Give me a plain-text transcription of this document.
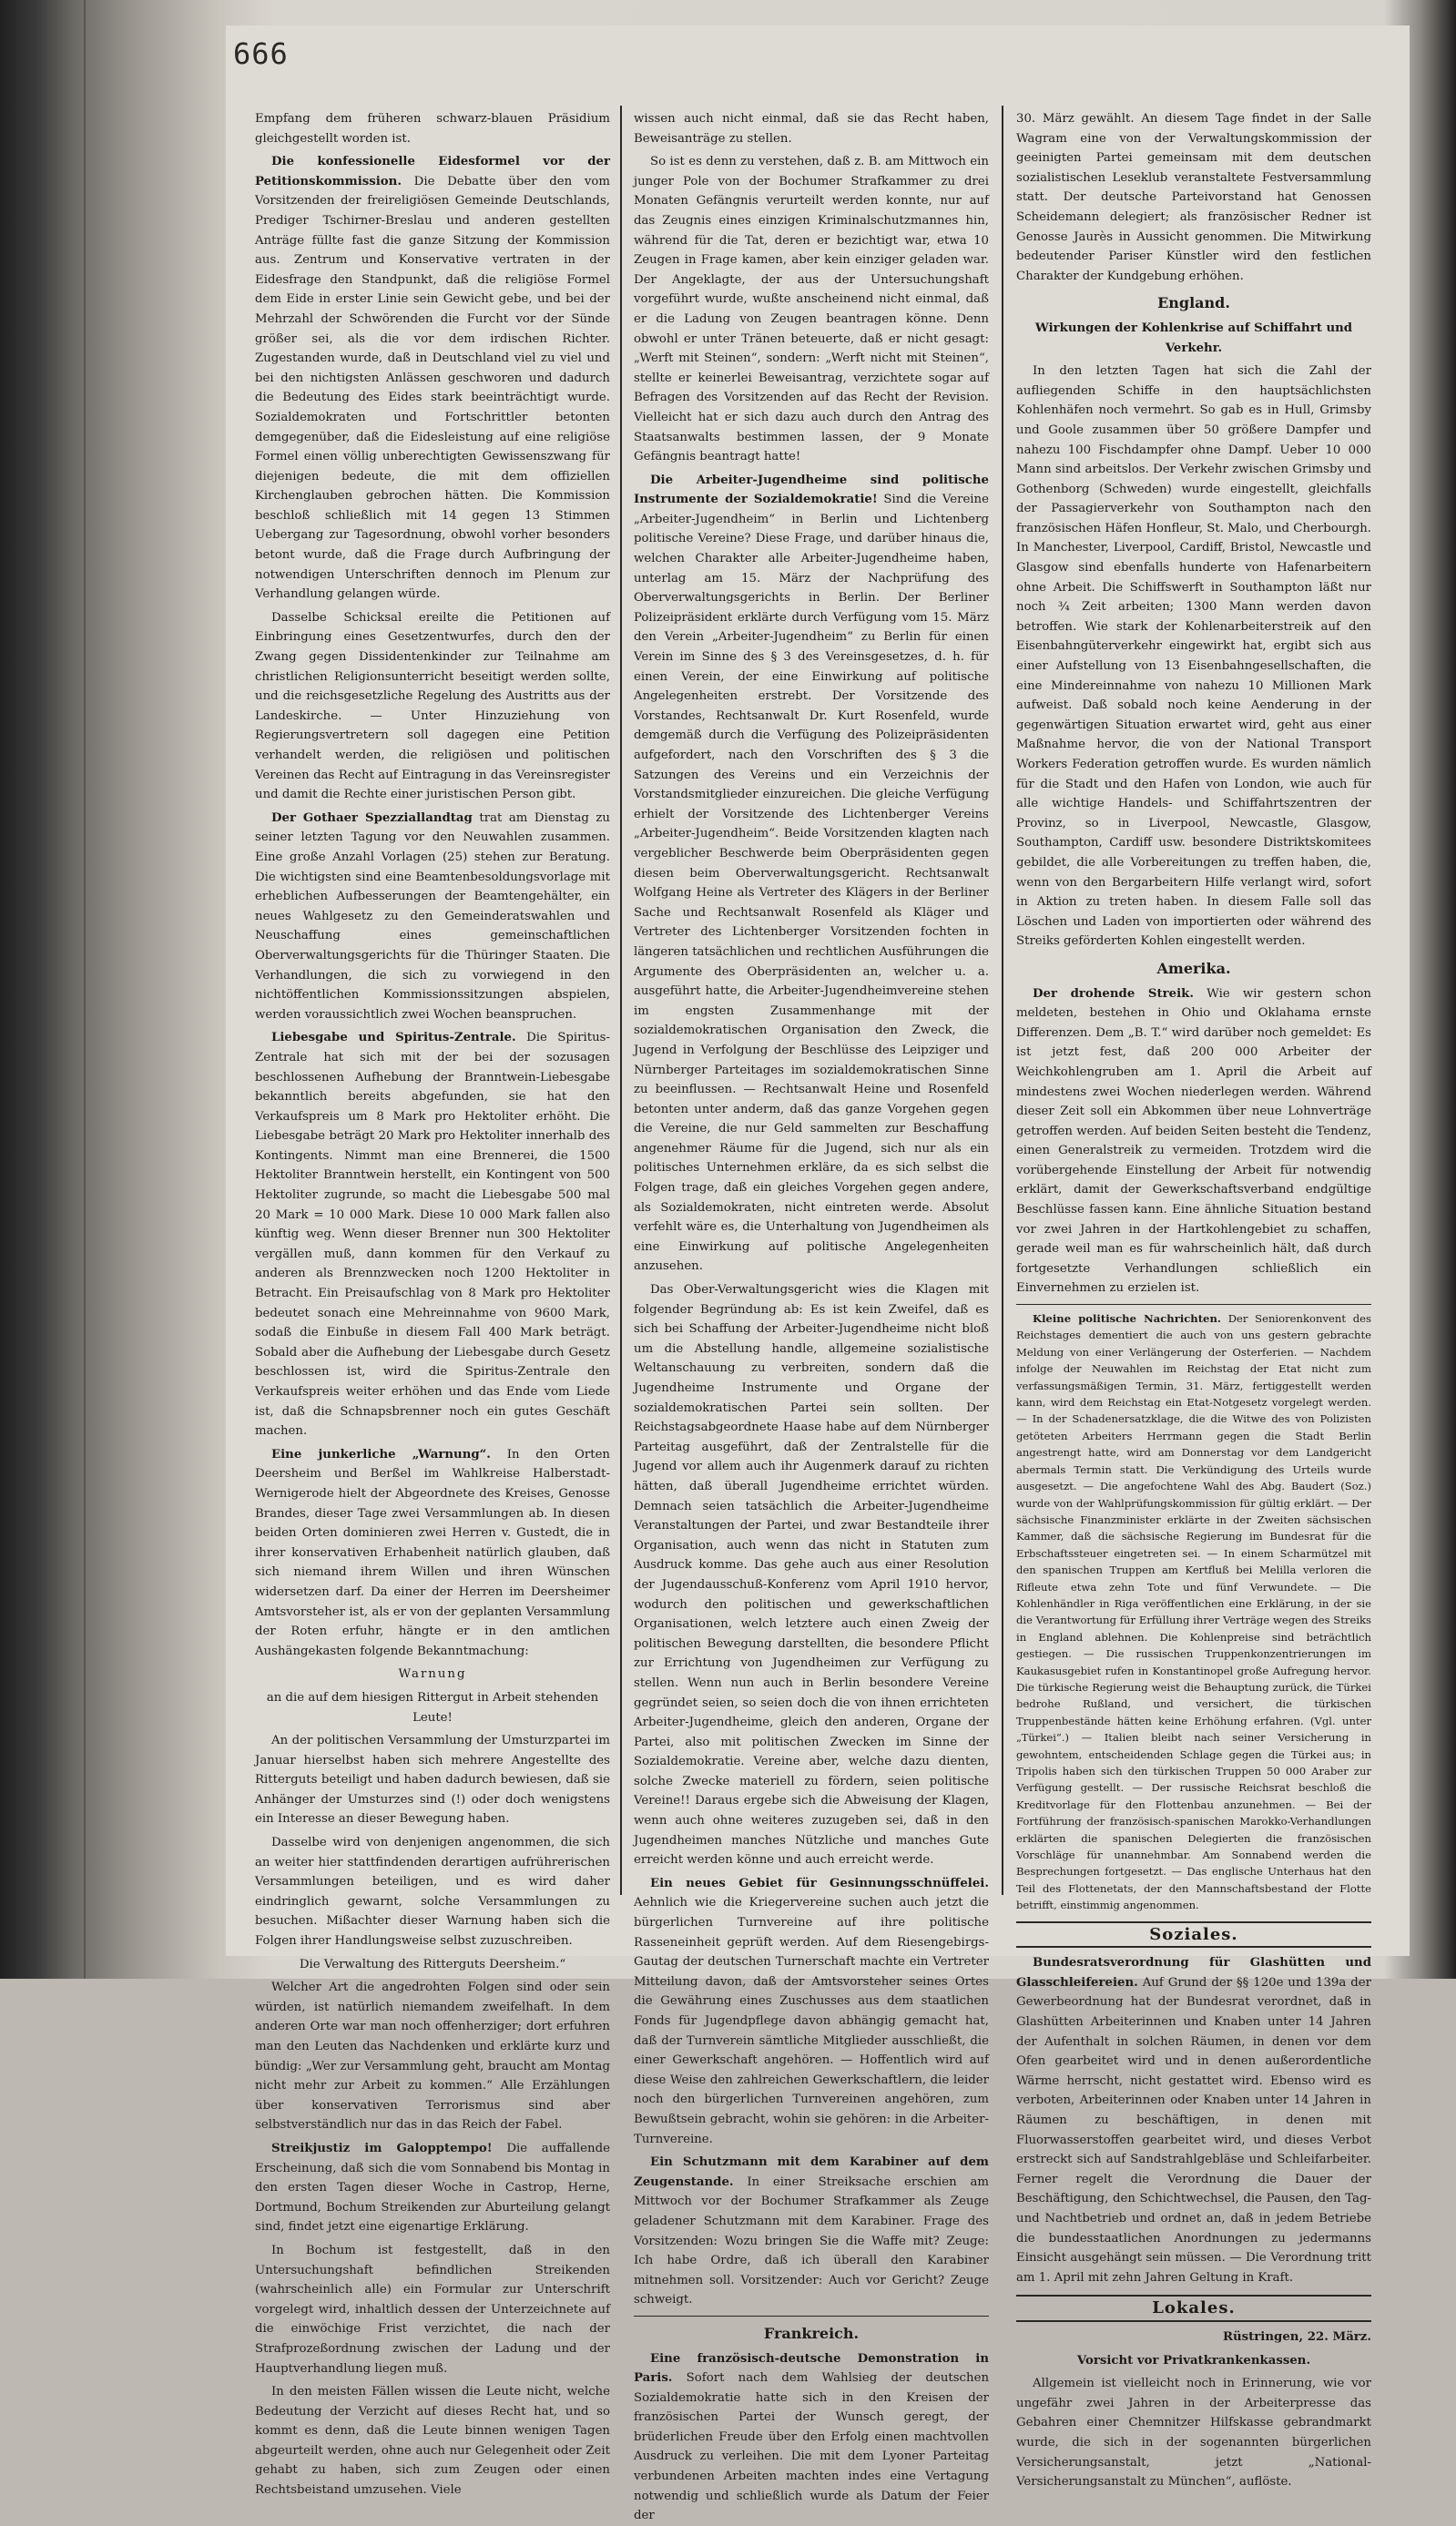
666

Empfang dem früheren schwarz-blauen Präsidium gleichgestellt worden ist.

Die konfessionelle Eidesformel vor der Petitionskommission. Die Debatte über den vom Vorsitzenden der freireligiösen Gemeinde Deutschlands, Prediger Tschirner-Breslau und anderen gestellten Anträge füllte fast die ganze Sitzung der Kommission aus. Zentrum und Konservative vertraten in der Eidesfrage den Standpunkt, daß die religiöse Formel dem Eide in erster Linie sein Gewicht gebe, und bei der Mehrzahl der Schwörenden die Furcht vor der Sünde größer sei, als die vor dem irdischen Richter. Zugestanden wurde, daß in Deutschland viel zu viel und bei den nichtigsten Anlässen geschworen und dadurch die Bedeutung des Eides stark beeinträchtigt wurde. Sozialdemokraten und Fortschrittler betonten demgegenüber, daß die Eidesleistung auf eine religiöse Formel einen völlig unberechtigten Gewissenszwang für diejenigen bedeute, die mit dem offiziellen Kirchenglauben gebrochen hätten. Die Kommission beschloß schließlich mit 14 gegen 13 Stimmen Uebergang zur Tagesordnung, obwohl vorher besonders betont wurde, daß die Frage durch Aufbringung der notwendigen Unterschriften dennoch im Plenum zur Verhandlung gelangen würde.

Dasselbe Schicksal ereilte die Petitionen auf Einbringung eines Gesetzentwurfes, durch den der Zwang gegen Dissidentenkinder zur Teilnahme am christlichen Religionsunterricht beseitigt werden sollte, und die reichsgesetzliche Regelung des Austritts aus der Landeskirche. — Unter Hinzuziehung von Regierungsvertretern soll dagegen eine Petition verhandelt werden, die religiösen und politischen Vereinen das Recht auf Eintragung in das Vereinsregister und damit die Rechte einer juristischen Person gibt.

Der Gothaer Spezziallandtag trat am Dienstag zu seiner letzten Tagung vor den Neuwahlen zusammen. Eine große Anzahl Vorlagen (25) stehen zur Beratung. Die wichtigsten sind eine Beamtenbesoldungsvorlage mit erheblichen Aufbesserungen der Beamtengehälter, ein neues Wahlgesetz zu den Gemeinderatswahlen und Neuschaffung eines gemeinschaftlichen Oberverwaltungsgerichts für die Thüringer Staaten. Die Verhandlungen, die sich zu vorwiegend in den nichtöffentlichen Kommissionssitzungen abspielen, werden voraussichtlich zwei Wochen beanspruchen.

Liebesgabe und Spiritus-Zentrale. Die Spiritus-Zentrale hat sich mit der bei der sozusagen beschlossenen Aufhebung der Branntwein-Liebesgabe bekanntlich bereits abgefunden, sie hat den Verkaufspreis um 8 Mark pro Hektoliter erhöht. Die Liebesgabe beträgt 20 Mark pro Hektoliter innerhalb des Kontingents. Nimmt man eine Brennerei, die 1500 Hektoliter Branntwein herstellt, ein Kontingent von 500 Hektoliter zugrunde, so macht die Liebesgabe 500 mal 20 Mark = 10 000 Mark. Diese 10 000 Mark fallen also künftig weg. Wenn dieser Brenner nun 300 Hektoliter vergällen muß, dann kommen für den Verkauf zu anderen als Brennzwecken noch 1200 Hektoliter in Betracht. Ein Preisaufschlag von 8 Mark pro Hektoliter bedeutet sonach eine Mehreinnahme von 9600 Mark, sodaß die Einbuße in diesem Fall 400 Mark beträgt. Sobald aber die Aufhebung der Liebesgabe durch Gesetz beschlossen ist, wird die Spiritus-Zentrale den Verkaufspreis weiter erhöhen und das Ende vom Liede ist, daß die Schnapsbrenner noch ein gutes Geschäft machen.

Eine junkerliche „Warnung“. In den Orten Deersheim und Berßel im Wahlkreise Halberstadt-Wernigerode hielt der Abgeordnete des Kreises, Genosse Brandes, dieser Tage zwei Versammlungen ab. In diesen beiden Orten dominieren zwei Herren v. Gustedt, die in ihrer konservativen Erhabenheit natürlich glauben, daß sich niemand ihrem Willen und ihren Wünschen widersetzen darf. Da einer der Herren im Deersheimer Amtsvorsteher ist, als er von der geplanten Versammlung der Roten erfuhr, hängte er in den amtlichen Aushängekasten folgende Bekanntmachung:

Warnung

an die auf dem hiesigen Rittergut in Arbeit stehenden Leute!

An der politischen Versammlung der Umsturzpartei im Januar hierselbst haben sich mehrere Angestellte des Ritterguts beteiligt und haben dadurch bewiesen, daß sie Anhänger der Umsturzes sind (!) oder doch wenigstens ein Interesse an dieser Bewegung haben.

Dasselbe wird von denjenigen angenommen, die sich an weiter hier stattfindenden derartigen aufrührerischen Versammlungen beteiligen, und es wird daher eindringlich gewarnt, solche Versammlungen zu besuchen. Mißachter dieser Warnung haben sich die Folgen ihrer Handlungsweise selbst zuzuschreiben.

Die Verwaltung des Ritterguts Deersheim.“

Welcher Art die angedrohten Folgen sind oder sein würden, ist natürlich niemandem zweifelhaft. In dem anderen Orte war man noch offenherziger; dort erfuhren man den Leuten das Nachdenken und erklärte kurz und bündig: „Wer zur Versammlung geht, braucht am Montag nicht mehr zur Arbeit zu kommen.“ Alle Erzählungen über konservativen Terrorismus sind aber selbstverständlich nur das in das Reich der Fabel.

Streikjustiz im Galopptempo! Die auffallende Erscheinung, daß sich die vom Sonnabend bis Montag in den ersten Tagen dieser Woche in Castrop, Herne, Dortmund, Bochum Streikenden zur Aburteilung gelangt sind, findet jetzt eine eigenartige Erklärung.

In Bochum ist festgestellt, daß in den Untersuchungshaft befindlichen Streikenden (wahrscheinlich alle) ein Formular zur Unterschrift vorgelegt wird, inhaltlich dessen der Unterzeichnete auf die einwöchige Frist verzichtet, die nach der Strafprozeßordnung zwischen der Ladung und der Hauptverhandlung liegen muß.

In den meisten Fällen wissen die Leute nicht, welche Bedeutung der Verzicht auf dieses Recht hat, und so kommt es denn, daß die Leute binnen wenigen Tagen abgeurteilt werden, ohne auch nur Gelegenheit oder Zeit gehabt zu haben, sich zum Zeugen oder einen Rechtsbeistand umzusehen. Viele

wissen auch nicht einmal, daß sie das Recht haben, Beweisanträge zu stellen.

So ist es denn zu verstehen, daß z. B. am Mittwoch ein junger Pole von der Bochumer Strafkammer zu drei Monaten Gefängnis verurteilt werden konnte, nur auf das Zeugnis eines einzigen Kriminalschutzmannes hin, während für die Tat, deren er bezichtigt war, etwa 10 Zeugen in Frage kamen, aber kein einziger geladen war. Der Angeklagte, der aus der Untersuchungshaft vorgeführt wurde, wußte anscheinend nicht einmal, daß er die Ladung von Zeugen beantragen könne. Denn obwohl er unter Tränen beteuerte, daß er nicht gesagt: „Werft mit Steinen“, sondern: „Werft nicht mit Steinen“, stellte er keinerlei Beweisantrag, verzichtete sogar auf Befragen des Vorsitzenden auf das Recht der Revision. Vielleicht hat er sich dazu auch durch den Antrag des Staatsanwalts bestimmen lassen, der 9 Monate Gefängnis beantragt hatte!

Die Arbeiter-Jugendheime sind politische Instrumente der Sozialdemokratie! Sind die Vereine „Arbeiter-Jugendheim“ in Berlin und Lichtenberg politische Vereine? Diese Frage, und darüber hinaus die, welchen Charakter alle Arbeiter-Jugendheime haben, unterlag am 15. März der Nachprüfung des Oberverwaltungsgerichts in Berlin. Der Berliner Polizeipräsident erklärte durch Verfügung vom 15. März den Verein „Arbeiter-Jugendheim“ zu Berlin für einen Verein im Sinne des § 3 des Vereinsgesetzes, d. h. für einen Verein, der eine Einwirkung auf politische Angelegenheiten erstrebt. Der Vorsitzende des Vorstandes, Rechtsanwalt Dr. Kurt Rosenfeld, wurde demgemäß durch die Verfügung des Polizeipräsidenten aufgefordert, nach den Vorschriften des § 3 die Satzungen des Vereins und ein Verzeichnis der Vorstandsmitglieder einzureichen. Die gleiche Verfügung erhielt der Vorsitzende des Lichtenberger Vereins „Arbeiter-Jugendheim“. Beide Vorsitzenden klagten nach vergeblicher Beschwerde beim Oberpräsidenten gegen diesen beim Oberverwaltungsgericht. Rechtsanwalt Wolfgang Heine als Vertreter des Klägers in der Berliner Sache und Rechtsanwalt Rosenfeld als Kläger und Vertreter des Lichtenberger Vorsitzenden fochten in längeren tatsächlichen und rechtlichen Ausführungen die Argumente des Oberpräsidenten an, welcher u. a. ausgeführt hatte, die Arbeiter-Jugendheimvereine stehen im engsten Zusammenhange mit der sozialdemokratischen Organisation den Zweck, die Jugend in Verfolgung der Beschlüsse des Leipziger und Nürnberger Parteitages im sozialdemokratischen Sinne zu beeinflussen. — Rechtsanwalt Heine und Rosenfeld betonten unter anderm, daß das ganze Vorgehen gegen die Vereine, die nur Geld sammelten zur Beschaffung angenehmer Räume für die Jugend, sich nur als ein politisches Unternehmen erkläre, da es sich selbst die Folgen trage, daß ein gleiches Vorgehen gegen andere, als Sozialdemokraten, nicht eintreten werde. Absolut verfehlt wäre es, die Unterhaltung von Jugendheimen als eine Einwirkung auf politische Angelegenheiten anzusehen.

Das Ober-Verwaltungsgericht wies die Klagen mit folgender Begründung ab: Es ist kein Zweifel, daß es sich bei Schaffung der Arbeiter-Jugendheime nicht bloß um die Abstellung handle, allgemeine sozialistische Weltanschauung zu verbreiten, sondern daß die Jugendheime Instrumente und Organe der sozialdemokratischen Partei sein sollten. Der Reichstagsabgeordnete Haase habe auf dem Nürnberger Parteitag ausgeführt, daß der Zentralstelle für die Jugend vor allem auch ihr Augenmerk darauf zu richten hätten, daß überall Jugendheime errichtet würden. Demnach seien tatsächlich die Arbeiter-Jugendheime Veranstaltungen der Partei, und zwar Bestandteile ihrer Organisation, auch wenn das nicht in Statuten zum Ausdruck komme. Das gehe auch aus einer Resolution der Jugendausschuß-Konferenz vom April 1910 hervor, wodurch den politischen und gewerkschaftlichen Organisationen, welch letztere auch einen Zweig der politischen Bewegung darstellten, die besondere Pflicht zur Errichtung von Jugendheimen zur Verfügung zu stellen. Wenn nun auch in Berlin besondere Vereine gegründet seien, so seien doch die von ihnen errichteten Arbeiter-Jugendheime, gleich den anderen, Organe der Partei, also mit politischen Zwecken im Sinne der Sozialdemokratie. Vereine aber, welche dazu dienten, solche Zwecke materiell zu fördern, seien politische Vereine!! Daraus ergebe sich die Abweisung der Klagen, wenn auch ohne weiteres zuzugeben sei, daß in den Jugendheimen manches Nützliche und manches Gute erreicht werden könne und auch erreicht werde.

Ein neues Gebiet für Gesinnungsschnüffelei. Aehnlich wie die Kriegervereine suchen auch jetzt die bürgerlichen Turnvereine auf ihre politische Rasseneinheit geprüft werden. Auf dem Riesengebirgs-Gautag der deutschen Turnerschaft machte ein Vertreter Mitteilung davon, daß der Amtsvorsteher seines Ortes die Gewährung eines Zuschusses aus dem staatlichen Fonds für Jugendpflege davon abhängig gemacht hat, daß der Turnverein sämtliche Mitglieder ausschließt, die einer Gewerkschaft angehören. — Hoffentlich wird auf diese Weise den zahlreichen Gewerkschaftlern, die leider noch den bürgerlichen Turnvereinen angehören, zum Bewußtsein gebracht, wohin sie gehören: in die Arbeiter-Turnvereine.

Ein Schutzmann mit dem Karabiner auf dem Zeugenstande. In einer Streiksache erschien am Mittwoch vor der Bochumer Strafkammer als Zeuge geladener Schutzmann mit dem Karabiner. Frage des Vorsitzenden: Wozu bringen Sie die Waffe mit? Zeuge: Ich habe Ordre, daß ich überall den Karabiner mitnehmen soll. Vorsitzender: Auch vor Gericht? Zeuge schweigt.

Frankreich.

Eine französisch-deutsche Demonstration in Paris. Sofort nach dem Wahlsieg der deutschen Sozialdemokratie hatte sich in den Kreisen der französischen Partei der Wunsch geregt, der brüderlichen Freude über den Erfolg einen machtvollen Ausdruck zu verleihen. Die mit dem Lyoner Parteitag verbundenen Arbeiten machten indes eine Vertagung notwendig und schließlich wurde als Datum der Feier der

30. März gewählt. An diesem Tage findet in der Salle Wagram eine von der Verwaltungskommission der geeinigten Partei gemeinsam mit dem deutschen sozialistischen Leseklub veranstaltete Festversammlung statt. Der deutsche Parteivorstand hat Genossen Scheidemann delegiert; als französischer Redner ist Genosse Jaurès in Aussicht genommen. Die Mitwirkung bedeutender Pariser Künstler wird den festlichen Charakter der Kundgebung erhöhen.

England.

Wirkungen der Kohlenkrise auf Schiffahrt und Verkehr.

In den letzten Tagen hat sich die Zahl der aufliegenden Schiffe in den hauptsächlichsten Kohlenhäfen noch vermehrt. So gab es in Hull, Grimsby und Goole zusammen über 50 größere Dampfer und nahezu 100 Fischdampfer ohne Dampf. Ueber 10 000 Mann sind arbeitslos. Der Verkehr zwischen Grimsby und Gothenborg (Schweden) wurde eingestellt, gleichfalls der Passagierverkehr von Southampton nach den französischen Häfen Honfleur, St. Malo, und Cherbourgh. In Manchester, Liverpool, Cardiff, Bristol, Newcastle und Glasgow sind ebenfalls hunderte von Hafenarbeitern ohne Arbeit. Die Schiffswerft in Southampton läßt nur noch ¾ Zeit arbeiten; 1300 Mann werden davon betroffen. Wie stark der Kohlenarbeiterstreik auf den Eisenbahngüterverkehr eingewirkt hat, ergibt sich aus einer Aufstellung von 13 Eisenbahngesellschaften, die eine Mindereinnahme von nahezu 10 Millionen Mark aufweist. Daß sobald noch keine Aenderung in der gegenwärtigen Situation erwartet wird, geht aus einer Maßnahme hervor, die von der National Transport Workers Federation getroffen wurde. Es wurden nämlich für die Stadt und den Hafen von London, wie auch für alle wichtige Handels- und Schiffahrtszentren der Provinz, so in Liverpool, Newcastle, Glasgow, Southampton, Cardiff usw. besondere Distriktskomitees gebildet, die alle Vorbereitungen zu treffen haben, die, wenn von den Bergarbeitern Hilfe verlangt wird, sofort in Aktion zu treten haben. In diesem Falle soll das Löschen und Laden von importierten oder während des Streiks geförderten Kohlen eingestellt werden.

Amerika.

Der drohende Streik. Wie wir gestern schon meldeten, bestehen in Ohio und Oklahama ernste Differenzen. Dem „B. T.“ wird darüber noch gemeldet: Es ist jetzt fest, daß 200 000 Arbeiter der Weichkohlengruben am 1. April die Arbeit auf mindestens zwei Wochen niederlegen werden. Während dieser Zeit soll ein Abkommen über neue Lohnverträge getroffen werden. Auf beiden Seiten besteht die Tendenz, einen Generalstreik zu vermeiden. Trotzdem wird die vorübergehende Einstellung der Arbeit für notwendig erklärt, damit der Gewerkschaftsverband endgültige Beschlüsse fassen kann. Eine ähnliche Situation bestand vor zwei Jahren in der Hartkohlengebiet zu schaffen, gerade weil man es für wahrscheinlich hält, daß durch fortgesetzte Verhandlungen schließlich ein Einvernehmen zu erzielen ist.

Kleine politische Nachrichten. Der Seniorenkonvent des Reichstages dementiert die auch von uns gestern gebrachte Meldung von einer Verlängerung der Osterferien. — Nachdem infolge der Neuwahlen im Reichstag der Etat nicht zum verfassungsmäßigen Termin, 31. März, fertiggestellt werden kann, wird dem Reichstag ein Etat-Notgesetz vorgelegt werden. — In der Schadenersatzklage, die die Witwe des von Polizisten getöteten Arbeiters Herrmann gegen die Stadt Berlin angestrengt hatte, wird am Donnerstag vor dem Landgericht abermals Termin statt. Die Verkündigung des Urteils wurde ausgesetzt. — Die angefochtene Wahl des Abg. Baudert (Soz.) wurde von der Wahlprüfungskommission für gültig erklärt. — Der sächsische Finanzminister erklärte in der Zweiten sächsischen Kammer, daß die sächsische Regierung im Bundesrat für die Erbschaftssteuer eingetreten sei. — In einem Scharmützel mit den spanischen Truppen am Kertfluß bei Melilla verloren die Rifleute etwa zehn Tote und fünf Verwundete. — Die Kohlenhändler in Riga veröffentlichen eine Erklärung, in der sie die Verantwortung für Erfüllung ihrer Verträge wegen des Streiks in England ablehnen. Die Kohlenpreise sind beträchtlich gestiegen. — Die russischen Truppenkonzentrierungen im Kaukasusgebiet rufen in Konstantinopel große Aufregung hervor. Die türkische Regierung weist die Behauptung zurück, die Türkei bedrohe Rußland, und versichert, die türkischen Truppenbestände hätten keine Erhöhung erfahren. (Vgl. unter „Türkei“.) — Italien bleibt nach seiner Versicherung in gewohntem, entscheidenden Schlage gegen die Türkei aus; in Tripolis haben sich den türkischen Truppen 50 000 Araber zur Verfügung gestellt. — Der russische Reichsrat beschloß die Kreditvorlage für den Flottenbau anzunehmen. — Bei der Fortführung der französisch-spanischen Marokko-Verhandlungen erklärten die spanischen Delegierten die französischen Vorschläge für unannehmbar. Am Sonnabend werden die Besprechungen fortgesetzt. — Das englische Unterhaus hat den Teil des Flottenetats, der den Mannschaftsbestand der Flotte betrifft, einstimmig angenommen.

Soziales.

Bundesratsverordnung für Glashütten und Glasschleifereien. Auf Grund der §§ 120e und 139a der Gewerbeordnung hat der Bundesrat verordnet, daß in Glashütten Arbeiterinnen und Knaben unter 14 Jahren der Aufenthalt in solchen Räumen, in denen vor dem Ofen gearbeitet wird und in denen außerordentliche Wärme herrscht, nicht gestattet wird. Ebenso wird es verboten, Arbeiterinnen oder Knaben unter 14 Jahren in Räumen zu beschäftigen, in denen mit Fluorwasserstoffen gearbeitet wird, und dieses Verbot erstreckt sich auf Sandstrahlgebläse und Schleifarbeiter. Ferner regelt die Verordnung die Dauer der Beschäftigung, den Schichtwechsel, die Pausen, den Tag- und Nachtbetrieb und ordnet an, daß in jedem Betriebe die bundesstaatlichen Anordnungen zu jedermanns Einsicht ausgehängt sein müssen. — Die Verordnung tritt am 1. April mit zehn Jahren Geltung in Kraft.

Lokales.

Rüstringen, 22. März.

Vorsicht vor Privatkrankenkassen.

Allgemein ist vielleicht noch in Erinnerung, wie vor ungefähr zwei Jahren in der Arbeiterpresse das Gebahren einer Chemnitzer Hilfskasse gebrandmarkt wurde, die sich in der sogenannten bürgerlichen Versicherungsanstalt, jetzt „National-Versicherungsanstalt zu München“, auflöste.
